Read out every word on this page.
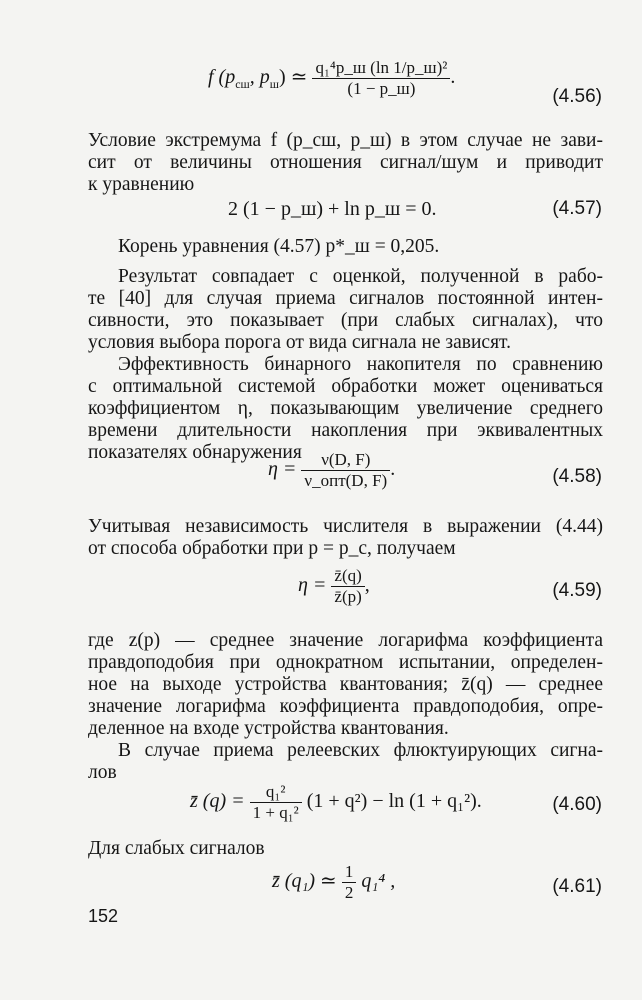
f ($p_{сш}$, $p_ш$) ≃ $\frac{\text{q₁⁴p\_ш (ln 1/p\_ш)²}}{(1 - p\_ш)}$ .
(4.56)
Условие экстремума f (p_сш, p_ш) в этом случае не зави-
сит от величины отношения сигнал/шум и приводит
к уравнению
2 (1 − p_ш) + ln p_ш = 0.	(4.57)
Корень уравнения (4.57) p*_ш = 0,205.
Результат совпадает с оценкой, полученной в рабо-
те [40] для случая приема сигналов постоянной интен-
сивности, это показывает (при слабых сигналах), что
условия выбора порога от вида сигнала не зависят.
Эффективность бинарного накопителя по сравнению
с оптимальной системой обработки может оцениваться
коэффициентом η, показывающим увеличение среднего
времени длительности накопления при эквивалентных
показателях обнаружения
$\eta = \frac{\nu(D, F)}{\text{ν\_опт(D, F)}}$ .	(4.58)
Учитывая независимость числителя в выражении (4.44)
от способа обработки при p = p_c, получаем
$\eta = \frac{z̄(q)}{z̄(p)}$ ,	(4.59)
где z(p) — среднее значение логарифма коэффициента
правдоподобия при однократном испытании, определен-
ное на выходе устройства квантования; z̄(q) — среднее
значение логарифма коэффициента правдоподобия, опре-
деленное на входе устройства квантования.
В случае приема релеевских флюктуирующих сигна-
лов
z̄ $(q) = \frac{\text{q₁²}}{\text{1 + q₁²}} (1 + q^2) - \ln (1 + q_1^2)$.	(4.60)
Для слабых сигналов
z̄ (q₁) ≃ $\frac{1}{2} q_1^4$ ,	(4.61)
152
